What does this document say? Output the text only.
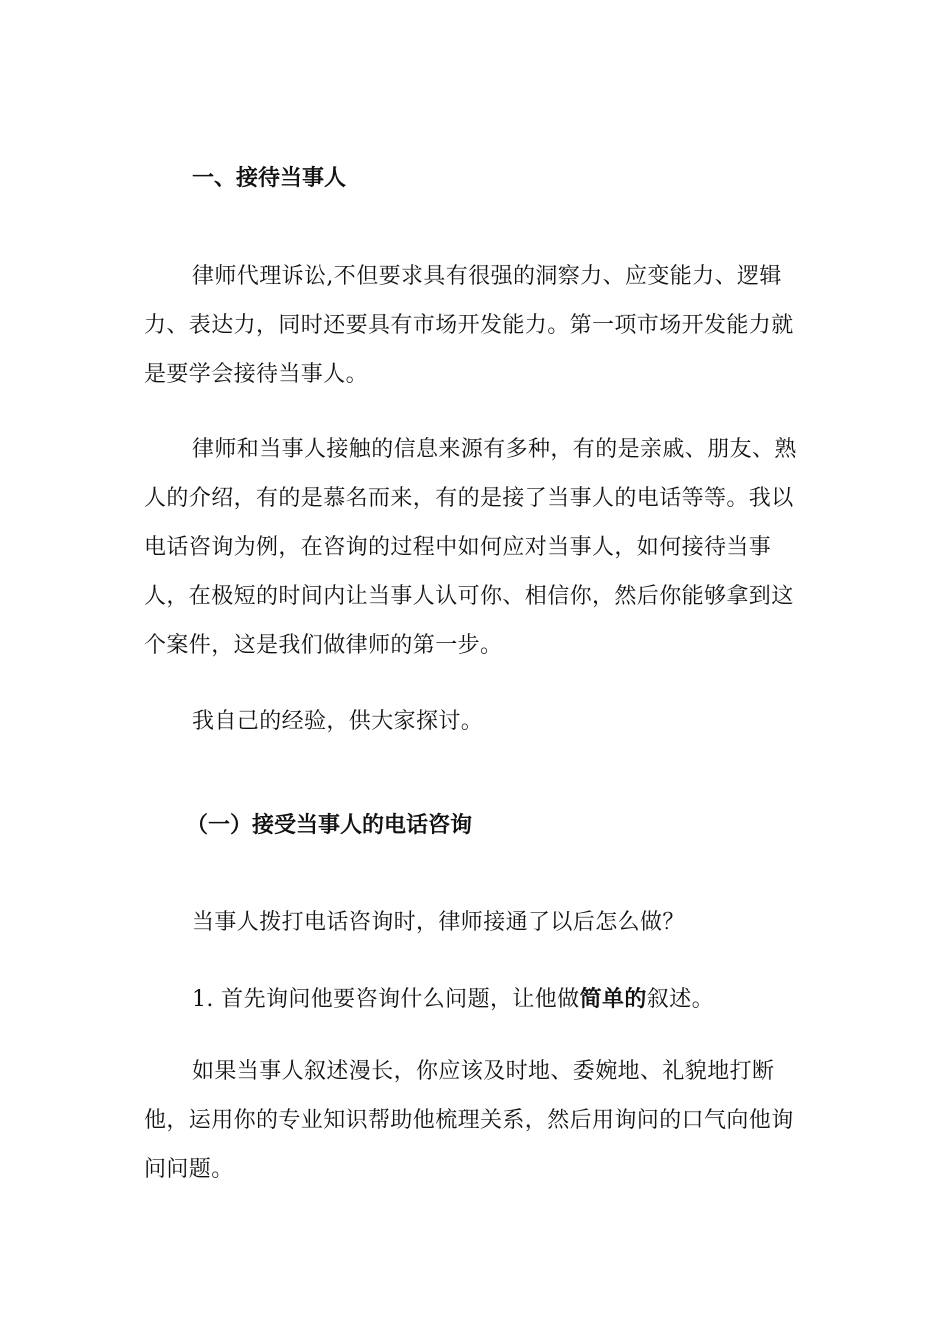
一、接待当事人

律师代理诉讼,不但要求具有很强的洞察力、应变能力、逻辑力、表达力，同时还要具有市场开发能力。第一项市场开发能力就是要学会接待当事人。

律师和当事人接触的信息来源有多种，有的是亲戚、朋友、熟人的介绍，有的是慕名而来，有的是接了当事人的电话等等。我以电话咨询为例，在咨询的过程中如何应对当事人，如何接待当事人，在极短的时间内让当事人认可你、相信你，然后你能够拿到这个案件，这是我们做律师的第一步。

我自己的经验，供大家探讨。

（一）接受当事人的电话咨询

当事人拨打电话咨询时，律师接通了以后怎么做？

1. 首先询问他要咨询什么问题，让他做简单的叙述。

如果当事人叙述漫长，你应该及时地、委婉地、礼貌地打断他，运用你的专业知识帮助他梳理关系，然后用询问的口气向他询问问题。
